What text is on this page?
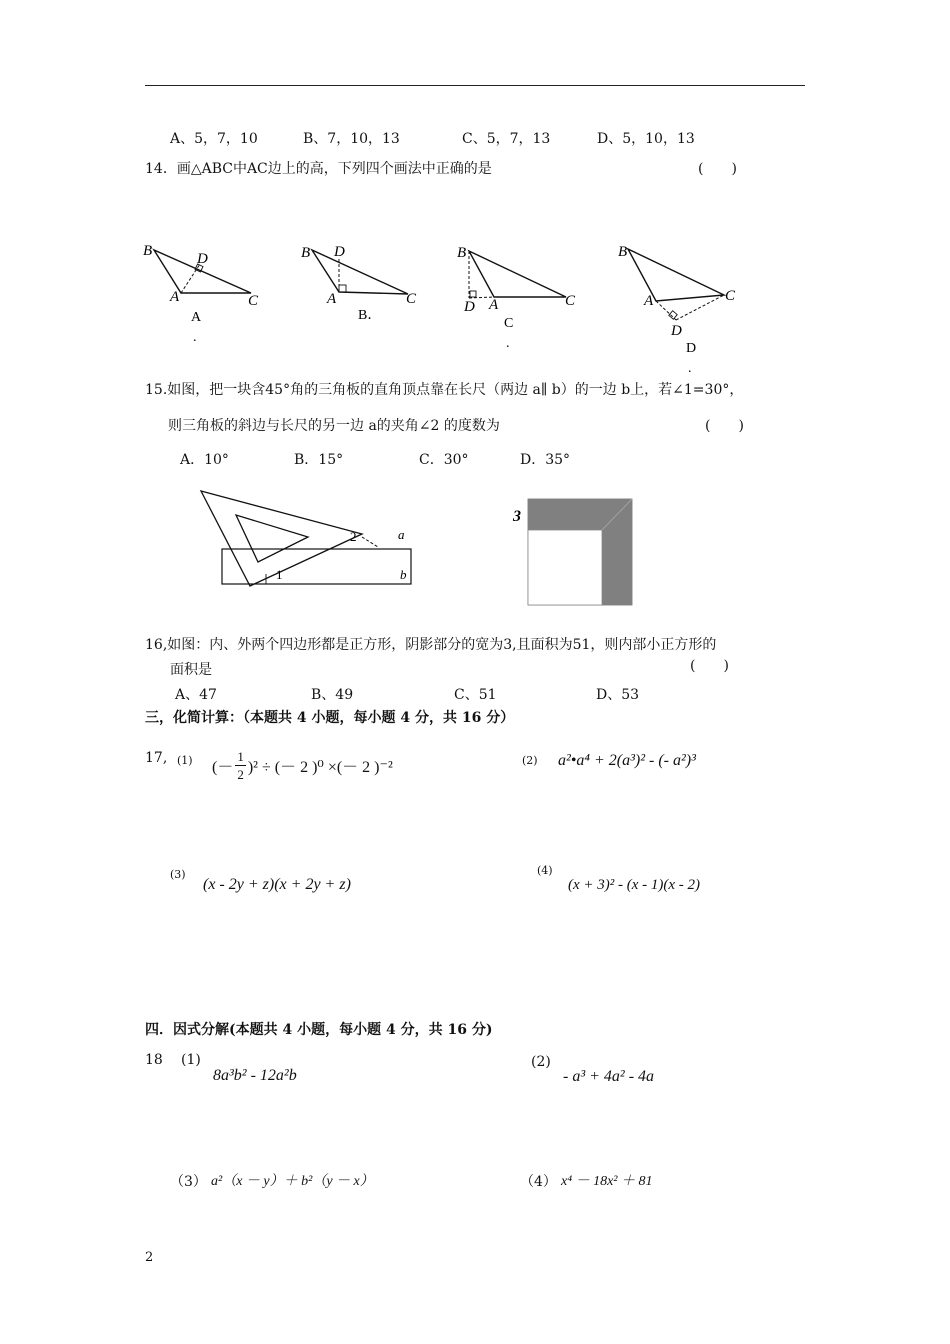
A、5，7，10	B、7，10，13	C、5，7，13	D、5，10，13
14．画△ABC中AC边上的高，下列四个画法中正确的是	(　　)
B	D
A	C
A
.
B D
A	C
B．
B
D A	C
C
.
B
A	C
D
D
.
15.如图，把一块含45°角的三角板的直角顶点靠在长尺（两边 a∥ b）的一边 b上，若∠1=30°，
则三角板的斜边与长尺的另一边 a的夹角∠2 的度数为	(　　)
A．10°	B．15°	C．30°	D．35°
2	a
1	b
3
16,如图：内、外两个四边形都是正方形，阴影部分的宽为3,且面积为51，则内部小正方形的
面积是	(　　)
A、47	B、49	C、51	D、53
三，化简计算：（本题共 4 小题，每小题 4 分，共 16 分）
17, (1) (－ $\frac{1}{2} )^2$ ÷ (－ 2 )⁰ ×(－ 2 )⁻²	(2) a²•a⁴ + 2(a³)² - (- a²)³
(3)
(x - 2y + z)(x + 2y + z)
(4)
(x + 3)² - (x - 1)(x - 2)
四．因式分解(本题共 4 小题，每小题 4 分，共 16 分)
18 (1)
8a³b² - 12a²b
(2)
- a³ + 4a² - 4a
（3） a²（x － y）＋ b²（y － x）	（4） x⁴ － 18x² ＋ 81
2
